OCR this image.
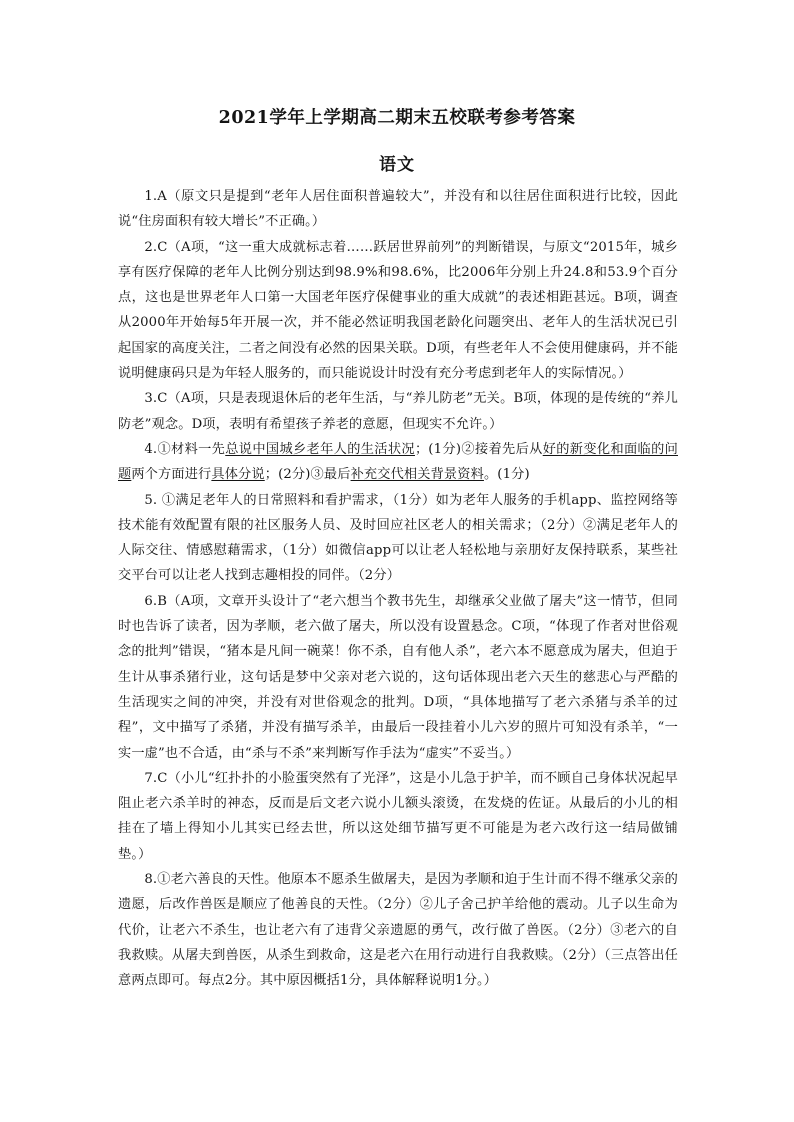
2021学年上学期高二期末五校联考参考答案
语文

1.A（原文只是提到“老年人居住面积普遍较大”，并没有和以往居住面积进行比较，因此说“住房面积有较大增长”不正确。）

2.C（A项，“这一重大成就标志着……跃居世界前列”的判断错误，与原文“2015年，城乡享有医疗保障的老年人比例分别达到98.9%和98.6%，比2006年分别上升24.8和53.9个百分点，这也是世界老年人口第一大国老年医疗保健事业的重大成就”的表述相距甚远。B项，调查从2000年开始每5年开展一次，并不能必然证明我国老龄化问题突出、老年人的生活状况已引起国家的高度关注，二者之间没有必然的因果关联。D项，有些老年人不会使用健康码，并不能说明健康码只是为年轻人服务的，而只能说设计时没有充分考虑到老年人的实际情况。）

3.C（A项，只是表现退休后的老年生活，与“养儿防老”无关。B项，体现的是传统的“养儿防老”观念。D项，表明有希望孩子养老的意愿，但现实不允许。）

4.①材料一先总说中国城乡老年人的生活状况；(1分)②接着先后从好的新变化和面临的问题两个方面进行具体分说；(2分)③最后补充交代相关背景资料。(1分)

5. ①满足老年人的日常照料和看护需求，（1分）如为老年人服务的手机app、监控网络等技术能有效配置有限的社区服务人员、及时回应社区老人的相关需求；（2分）②满足老年人的人际交往、情感慰藉需求，（1分）如微信app可以让老人轻松地与亲朋好友保持联系，某些社交平台可以让老人找到志趣相投的同伴。（2分）

6.B（A项，文章开头设计了“老六想当个教书先生，却继承父业做了屠夫”这一情节，但同时也告诉了读者，因为孝顺，老六做了屠夫，所以没有设置悬念。C项，“体现了作者对世俗观念的批判”错误，“猪本是凡间一碗菜！你不杀，自有他人杀”，老六本不愿意成为屠夫，但迫于生计从事杀猪行业，这句话是梦中父亲对老六说的，这句话体现出老六天生的慈悲心与严酷的生活现实之间的冲突，并没有对世俗观念的批判。D项，“具体地描写了老六杀猪与杀羊的过程”，文中描写了杀猪，并没有描写杀羊，由最后一段挂着小儿六岁的照片可知没有杀羊，“一实一虚”也不合适，由“杀与不杀”来判断写作手法为“虚实”不妥当。）

7.C（小儿“红扑扑的小脸蛋突然有了光泽”，这是小儿急于护羊，而不顾自己身体状况起早阻止老六杀羊时的神态，反而是后文老六说小儿额头滚烫，在发烧的佐证。从最后的小儿的相挂在了墙上得知小儿其实已经去世，所以这处细节描写更不可能是为老六改行这一结局做铺垫。）

8.①老六善良的天性。他原本不愿杀生做屠夫，是因为孝顺和迫于生计而不得不继承父亲的遗愿，后改作兽医是顺应了他善良的天性。（2分）②儿子舍己护羊给他的震动。儿子以生命为代价，让老六不杀生，也让老六有了违背父亲遗愿的勇气，改行做了兽医。（2分）③老六的自我救赎。从屠夫到兽医，从杀生到救命，这是老六在用行动进行自我救赎。（2分）（三点答出任意两点即可。每点2分。其中原因概括1分，具体解释说明1分。）
